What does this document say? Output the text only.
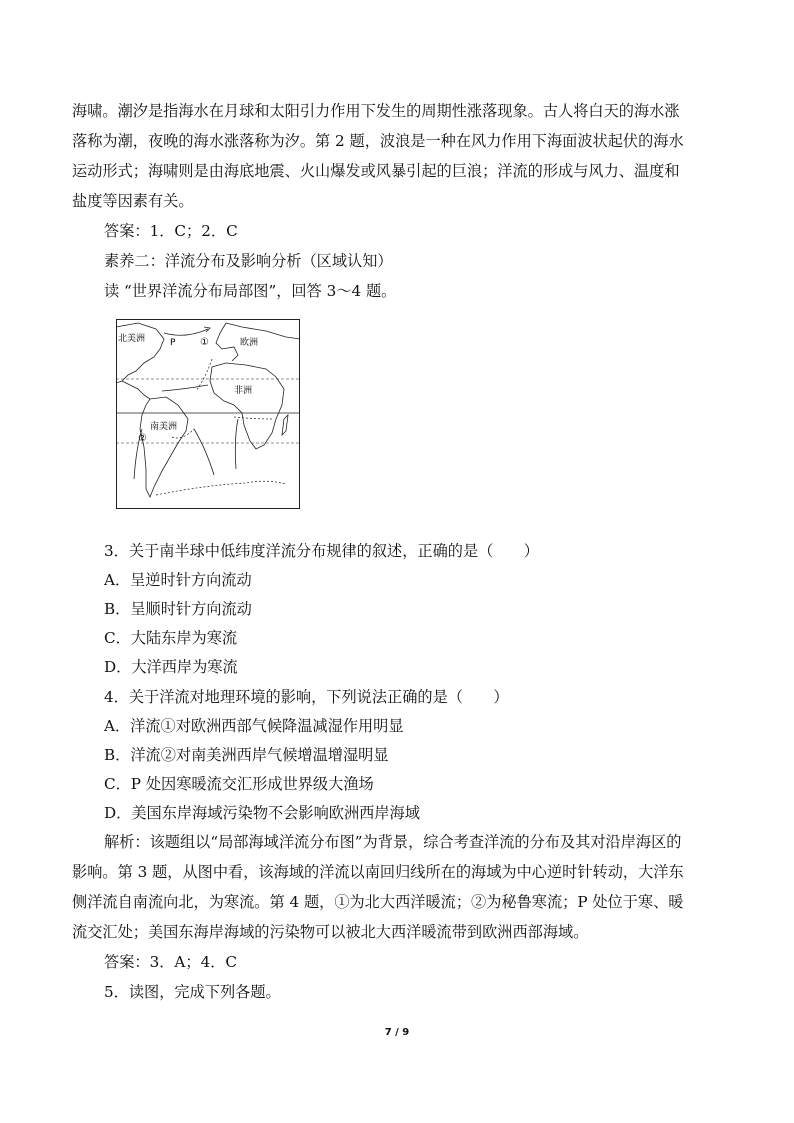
海啸。潮汐是指海水在月球和太阳引力作用下发生的周期性涨落现象。古人将白天的海水涨
落称为潮，夜晚的海水涨落称为汐。第 2 题，波浪是一种在风力作用下海面波状起伏的海水
运动形式；海啸则是由海底地震、火山爆发或风暴引起的巨浪；洋流的形成与风力、温度和
盐度等因素有关。
答案：1．C；2．C
素养二：洋流分布及影响分析（区域认知）
读 “世界洋流分布局部图”，回答 3～4 题。
北美洲	P ①	欧洲
非洲
南美洲
②
3．关于南半球中低纬度洋流分布规律的叙述，正确的是（　　）
A．呈逆时针方向流动
B．呈顺时针方向流动
C．大陆东岸为寒流
D．大洋西岸为寒流
4．关于洋流对地理环境的影响，下列说法正确的是（　　）
A．洋流①对欧洲西部气候降温减湿作用明显
B．洋流②对南美洲西岸气候增温增湿明显
C．P 处因寒暖流交汇形成世界级大渔场
D．美国东岸海域污染物不会影响欧洲西岸海域
解析：该题组以“局部海域洋流分布图”为背景，综合考查洋流的分布及其对沿岸海区的
影响。第 3 题，从图中看，该海域的洋流以南回归线所在的海域为中心逆时针转动，大洋东
侧洋流自南流向北，为寒流。第 4 题，①为北大西洋暖流；②为秘鲁寒流；P 处位于寒、暖
流交汇处；美国东海岸海域的污染物可以被北大西洋暖流带到欧洲西部海域。
答案：3．A；4．C
5．读图，完成下列各题。
7 / 9
